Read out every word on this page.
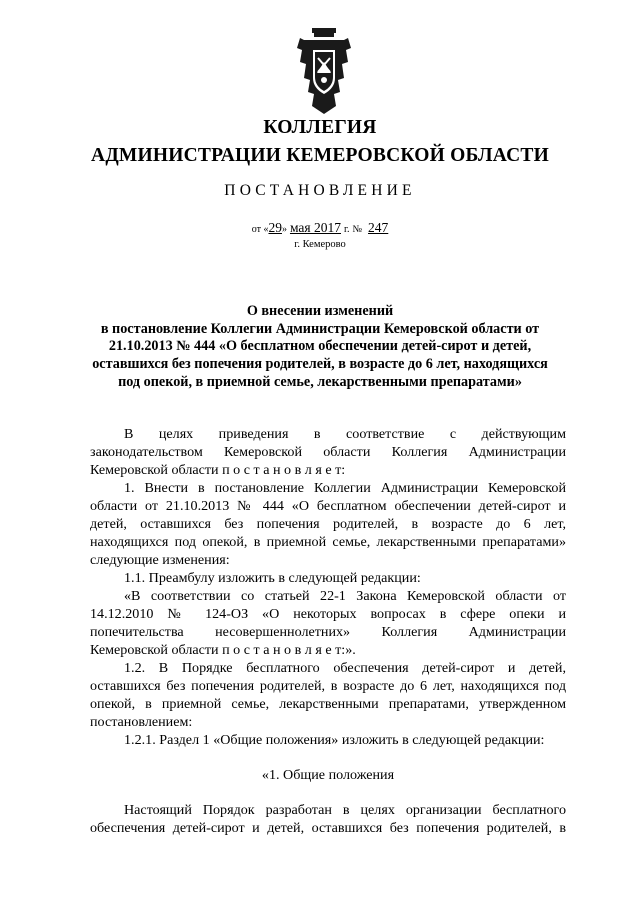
КОЛЛЕГИЯ
АДМИНИСТРАЦИИ КЕМЕРОВСКОЙ ОБЛАСТИ
ПОСТАНОВЛЕНИЕ
от «29» мая 2017 г. № 247
г. Кемерово
О внесении изменений
в постановление Коллегии Администрации Кемеровской области от
21.10.2013 № 444 «О бесплатном обеспечении детей-сирот и детей,
оставшихся без попечения родителей, в возрасте до 6 лет, находящихся
под опекой, в приемной семье, лекарственными препаратами»
В целях приведения в соответствие с действующим
законодательством Кемеровской области Коллегия Администрации
Кемеровской области п о с т а н о в л я е т:
1. Внести в постановление Коллегии Администрации Кемеровской
области от 21.10.2013 № 444 «О бесплатном обеспечении детей-сирот и
детей, оставшихся без попечения родителей, в возрасте до 6 лет,
находящихся под опекой, в приемной семье, лекарственными препаратами»
следующие изменения:
1.1. Преамбулу изложить в следующей редакции:
«В соответствии со статьей 22-1 Закона Кемеровской области от
14.12.2010 № 124-ОЗ «О некоторых вопросах в сфере опеки и
попечительства несовершеннолетних» Коллегия Администрации
Кемеровской области п о с т а н о в л я е т:».
1.2. В Порядке бесплатного обеспечения детей-сирот и детей,
оставшихся без попечения родителей, в возрасте до 6 лет, находящихся под
опекой, в приемной семье, лекарственными препаратами, утвержденном
постановлением:
1.2.1. Раздел 1 «Общие положения» изложить в следующей редакции:
«1. Общие положения
Настоящий Порядок разработан в целях организации бесплатного
обеспечения детей-сирот и детей, оставшихся без попечения родителей, в
